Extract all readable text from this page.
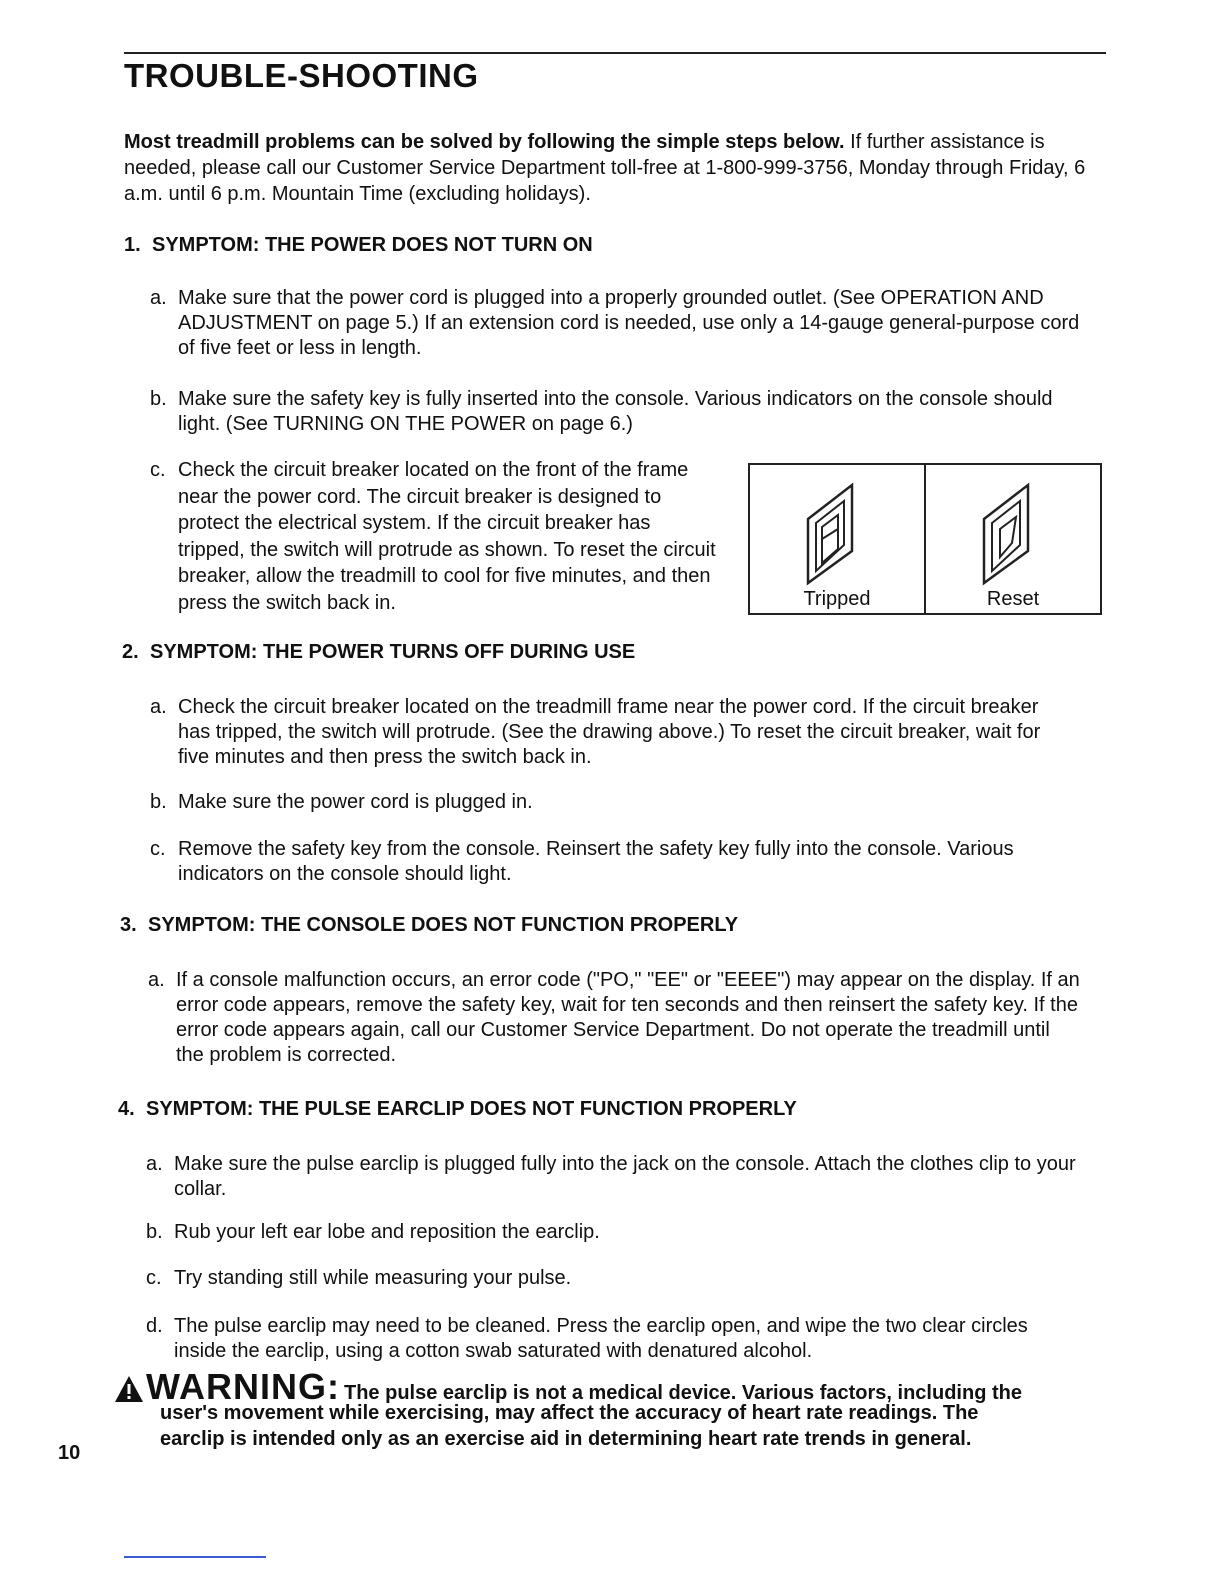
TROUBLE-SHOOTING
Most treadmill problems can be solved by following the simple steps below. If further assistance is needed, please call our Customer Service Department toll-free at 1-800-999-3756, Monday through Friday, 6 a.m. until 6 p.m. Mountain Time (excluding holidays).
1. SYMPTOM: THE POWER DOES NOT TURN ON
a. Make sure that the power cord is plugged into a properly grounded outlet. (See OPERATION AND ADJUSTMENT on page 5.) If an extension cord is needed, use only a 14-gauge general-purpose cord of five feet or less in length.
b. Make sure the safety key is fully inserted into the console. Various indicators on the console should light. (See TURNING ON THE POWER on page 6.)
c. Check the circuit breaker located on the front of the frame near the power cord. The circuit breaker is designed to protect the electrical system. If the circuit breaker has tripped, the switch will protrude as shown. To reset the circuit breaker, allow the treadmill to cool for five minutes, and then press the switch back in.	Tripped	Reset
2. SYMPTOM: THE POWER TURNS OFF DURING USE
a. Check the circuit breaker located on the treadmill frame near the power cord. If the circuit breaker has tripped, the switch will protrude. (See the drawing above.) To reset the circuit breaker, wait for five minutes and then press the switch back in.
b. Make sure the power cord is plugged in.
c. Remove the safety key from the console. Reinsert the safety key fully into the console. Various indicators on the console should light.
3. SYMPTOM: THE CONSOLE DOES NOT FUNCTION PROPERLY
a. If a console malfunction occurs, an error code ("PO," "EE" or "EEEE") may appear on the display. If an error code appears, remove the safety key, wait for ten seconds and then reinsert the safety key. If the error code appears again, call our Customer Service Department. Do not operate the treadmill until the problem is corrected.
4. SYMPTOM: THE PULSE EARCLIP DOES NOT FUNCTION PROPERLY
a. Make sure the pulse earclip is plugged fully into the jack on the console. Attach the clothes clip to your collar.
b. Rub your left ear lobe and reposition the earclip.
c. Try standing still while measuring your pulse.
d. The pulse earclip may need to be cleaned. Press the earclip open, and wipe the two clear circles inside the earclip, using a cotton swab saturated with denatured alcohol.
WARNING: The pulse earclip is not a medical device. Various factors, including the
user's movement while exercising, may affect the accuracy of heart rate readings. The
earclip is intended only as an exercise aid in determining heart rate trends in general.
10
